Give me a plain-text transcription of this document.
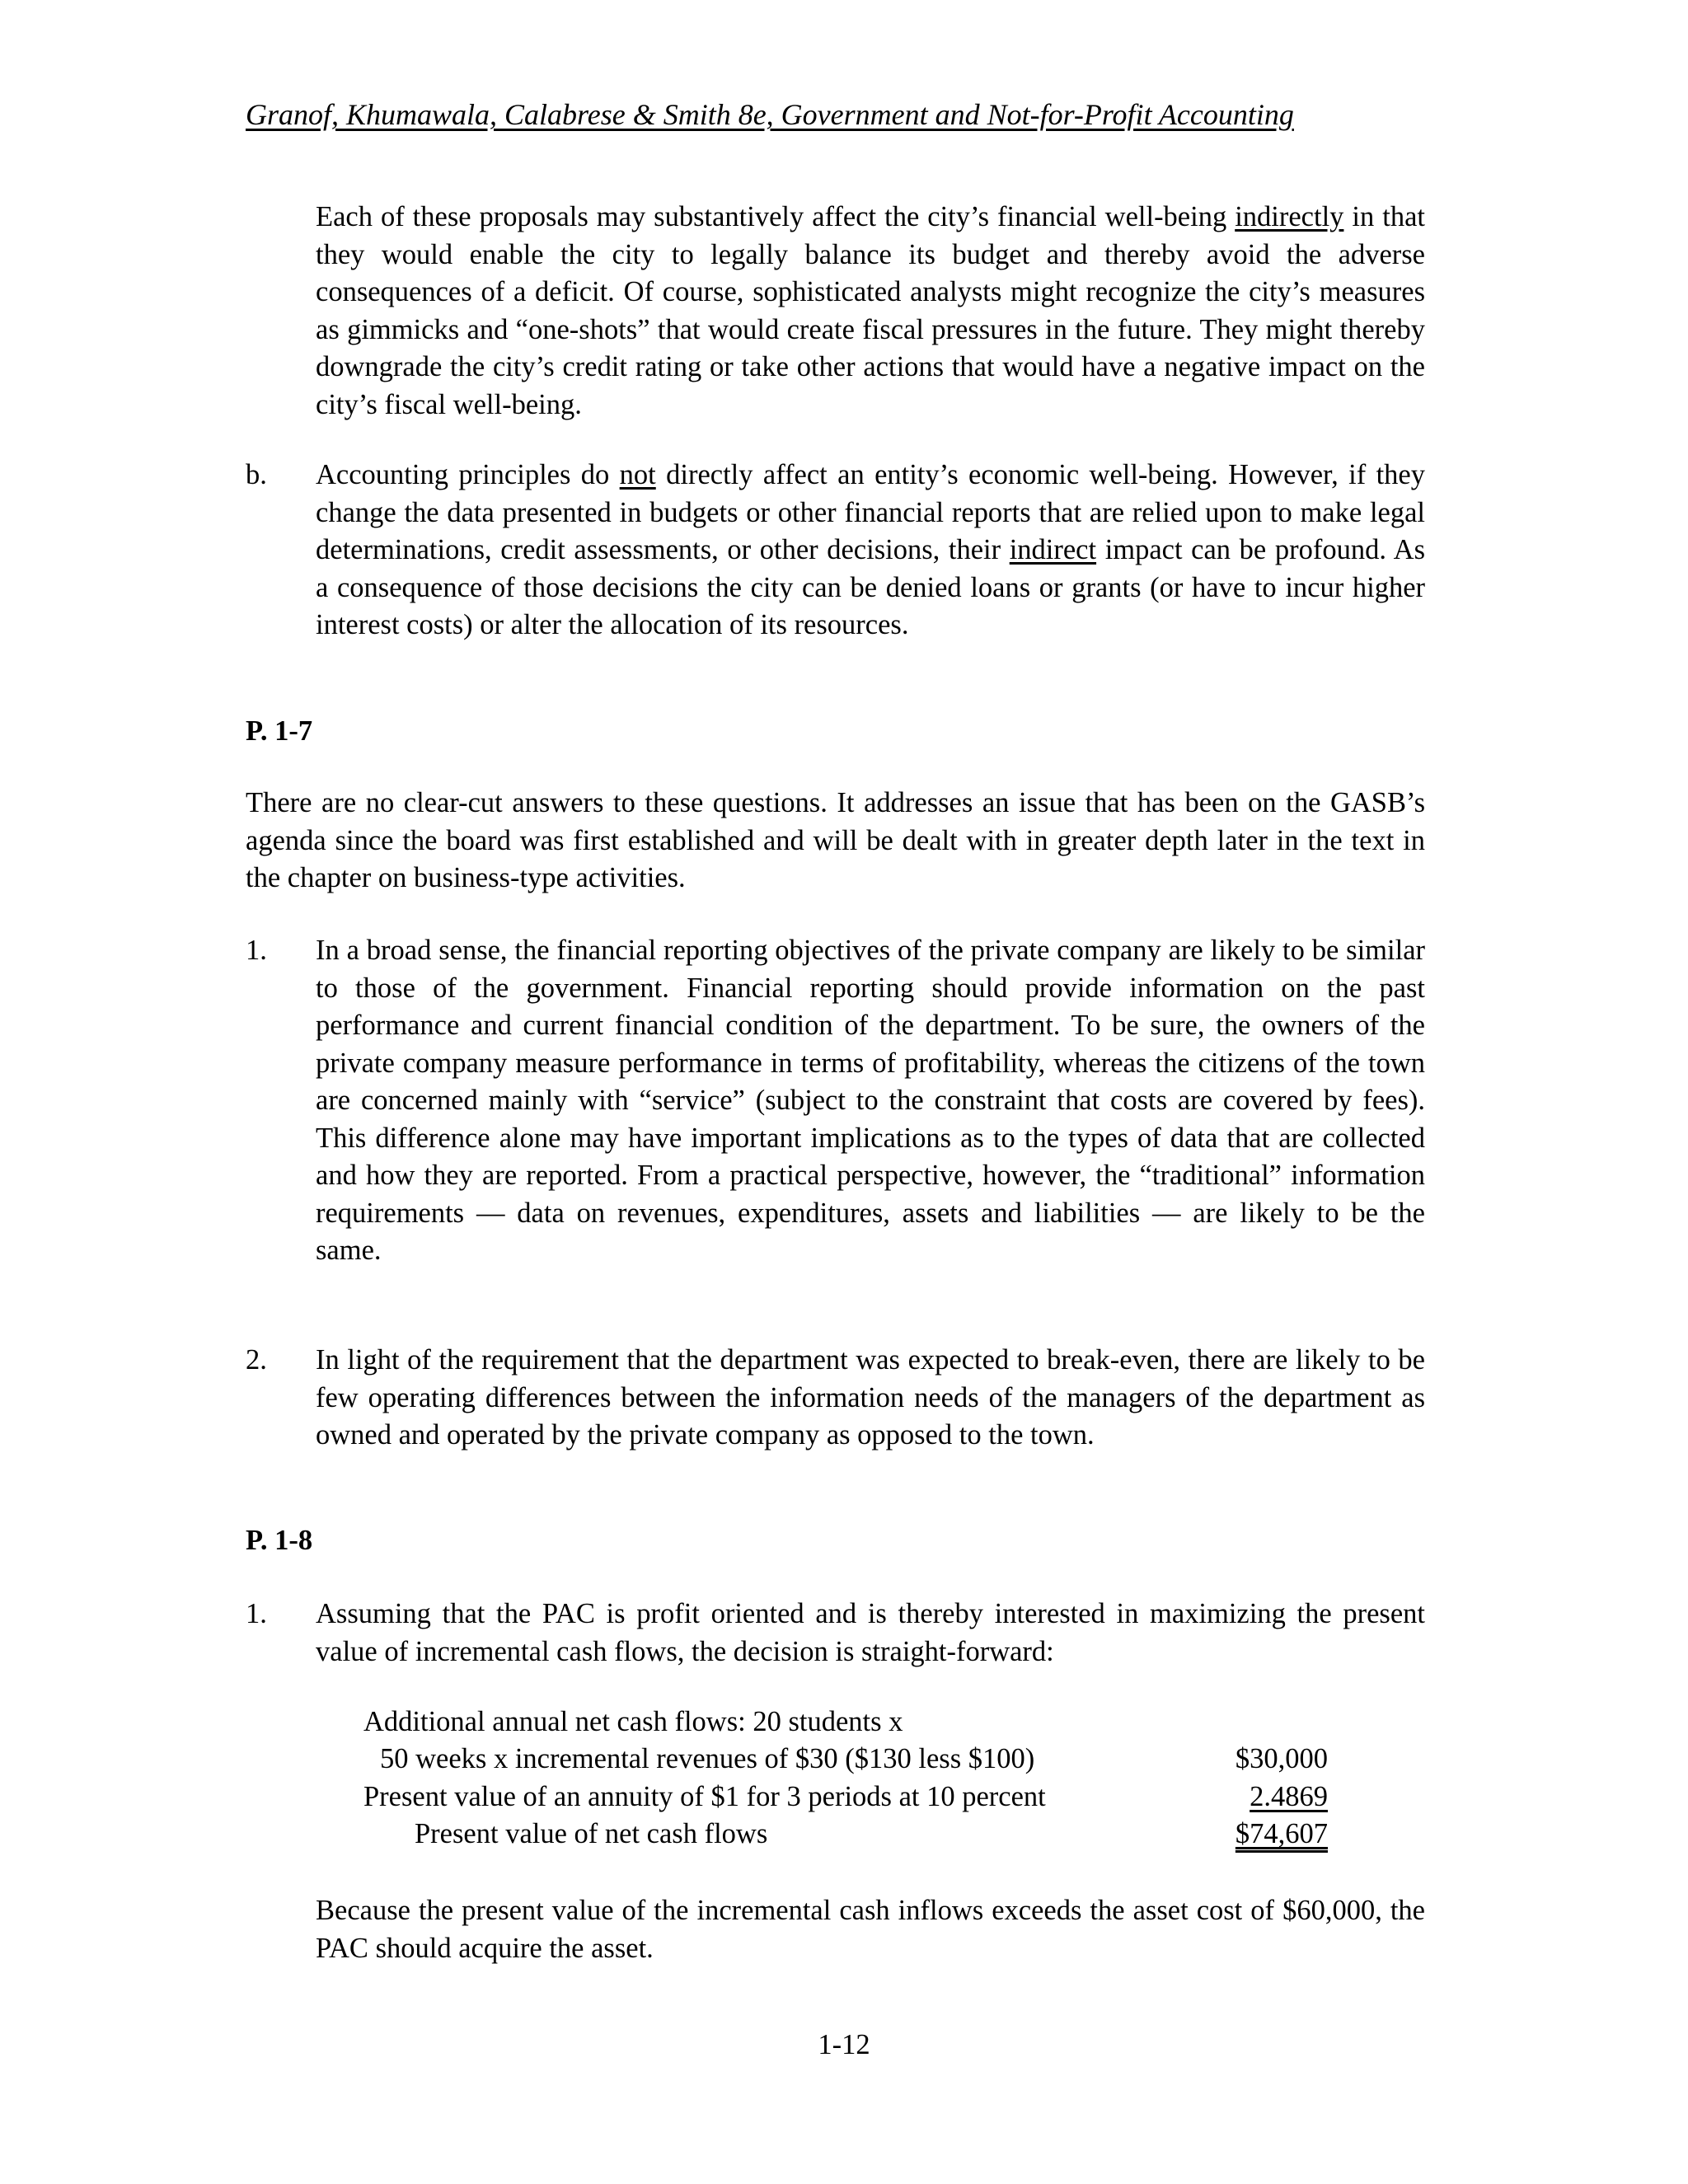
Granof, Khumawala, Calabrese & Smith 8e, Government and Not-for-Profit Accounting
Each of these proposals may substantively affect the city’s financial well-being indirectly in that they would enable the city to legally balance its budget and thereby avoid the adverse consequences of a deficit. Of course, sophisticated analysts might recognize the city’s measures as gimmicks and “one-shots” that would create fiscal pressures in the future. They might thereby downgrade the city’s credit rating or take other actions that would have a negative impact on the city’s fiscal well-being.
b. Accounting principles do not directly affect an entity’s economic well-being. However, if they change the data presented in budgets or other financial reports that are relied upon to make legal determinations, credit assessments, or other decisions, their indirect impact can be profound. As a consequence of those decisions the city can be denied loans or grants (or have to incur higher interest costs) or alter the allocation of its resources.
P. 1-7
There are no clear-cut answers to these questions. It addresses an issue that has been on the GASB’s agenda since the board was first established and will be dealt with in greater depth later in the text in the chapter on business-type activities.
1. In a broad sense, the financial reporting objectives of the private company are likely to be similar to those of the government. Financial reporting should provide information on the past performance and current financial condition of the department. To be sure, the owners of the private company measure performance in terms of profitability, whereas the citizens of the town are concerned mainly with “service” (subject to the constraint that costs are covered by fees). This difference alone may have important implications as to the types of data that are collected and how they are reported. From a practical perspective, however, the “traditional” information requirements — data on revenues, expenditures, assets and liabilities — are likely to be the same.
2. In light of the requirement that the department was expected to break-even, there are likely to be few operating differences between the information needs of the managers of the department as owned and operated by the private company as opposed to the town.
P. 1-8
1. Assuming that the PAC is profit oriented and is thereby interested in maximizing the present value of incremental cash flows, the decision is straight-forward:
Additional annual net cash flows: 20 students x
50 weeks x incremental revenues of $30 ($130 less $100)	$30,000
Present value of an annuity of $1 for 3 periods at 10 percent	2.4869
Present value of net cash flows	$74,607
Because the present value of the incremental cash inflows exceeds the asset cost of $60,000, the PAC should acquire the asset.
1-12
